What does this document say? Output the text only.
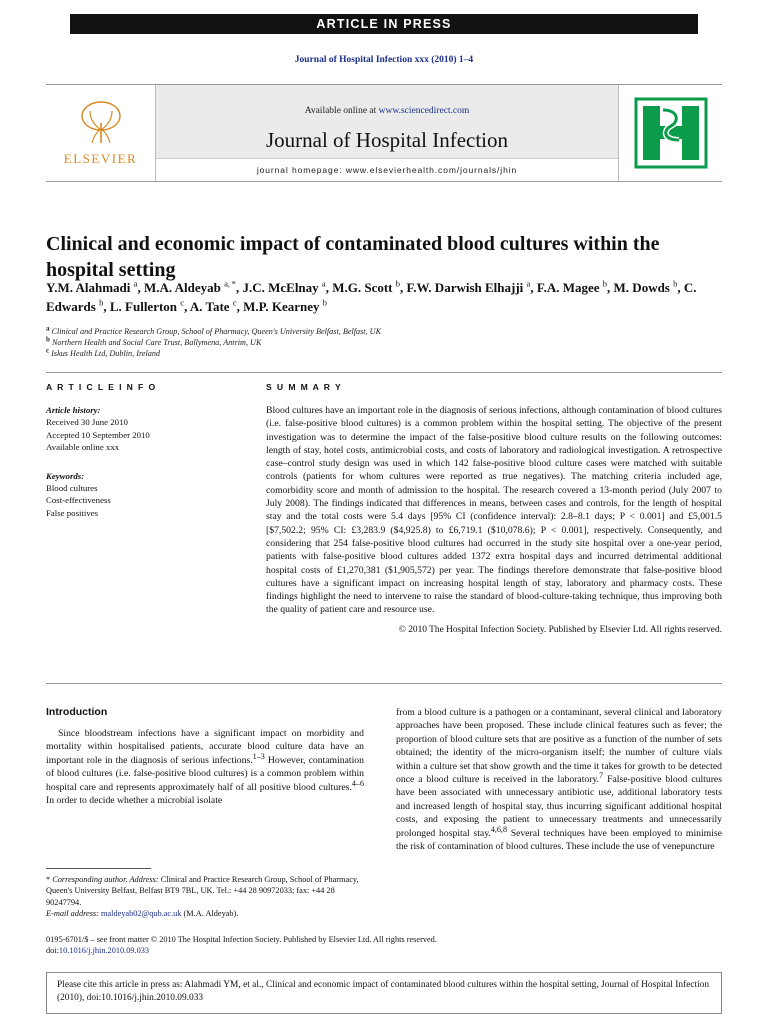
ARTICLE IN PRESS
Journal of Hospital Infection xxx (2010) 1–4
ELSEVIER
Available online at www.sciencedirect.com
Journal of Hospital Infection
journal homepage: www.elsevierhealth.com/journals/jhin
Clinical and economic impact of contaminated blood cultures within the hospital setting
Y.M. Alahmadi $^a$, M.A. Aldeyab $^{a, *}$, J.C. McElnay $^a$, M.G. Scott $^b$, F.W. Darwish Elhajji $^a$, F.A. Magee $^b$, M. Dowds $^b$, C. Edwards $^b$, L. Fullerton $^c$, A. Tate $^c$, M.P. Kearney $^b$
$^a$ Clinical and Practice Research Group, School of Pharmacy, Queen's University Belfast, Belfast, UK
$^b$ Northern Health and Social Care Trust, Ballymena, Antrim, UK
$^c$ Iskus Health Ltd, Dublin, Ireland
A R T I C L E I N F O
Article history:
Received 30 June 2010
Accepted 10 September 2010
Available online xxx
Keywords:
Blood cultures
Cost-effectiveness
False positives
S U M M A R Y
Blood cultures have an important role in the diagnosis of serious infections, although contamination of blood cultures (i.e. false-positive blood cultures) is a common problem within the hospital setting. The objective of the present investigation was to determine the impact of the false-positive blood culture results on the following outcomes: length of stay, hotel costs, antimicrobial costs, and costs of laboratory and radiological investigation. A retrospective case–control study design was used in which 142 false-positive blood culture cases were matched with suitable controls (patients for whom cultures were reported as true negatives). The matching criteria included age, comorbidity score and month of admission to the hospital. The research covered a 13-month period (July 2007 to July 2008). The findings indicated that differences in means, between cases and controls, for the length of hospital stay and the total costs were 5.4 days [95% CI (confidence interval): 2.8–8.1 days; P < 0.001] and £5,001.5 [$7,502.2; 95% CI: £3,283.9 ($4,925.8) to £6,719.1 ($10,078.6); P < 0.001], respectively. Consequently, and considering that 254 false-positive blood cultures had occurred in the study site hospital over a one-year period, patients with false-positive blood cultures added 1372 extra hospital days and incurred detrimental additional hospital costs of £1,270,381 ($1,905,572) per year. The findings therefore demonstrate that false-positive blood cultures have a significant impact on increasing hospital length of stay, laboratory and pharmacy costs. These findings highlight the need to intervene to raise the standard of blood-culture-taking technique, thus improving both the quality of patient care and resource use.
© 2010 The Hospital Infection Society. Published by Elsevier Ltd. All rights reserved.
Introduction
Since bloodstream infections have a significant impact on morbidity and mortality within hospitalised patients, accurate blood culture data have an important role in the diagnosis of serious infections.$^{1-3}$ However, contamination of blood cultures (i.e. false-positive blood cultures) is a common problem within hospital care and represents approximately half of all positive blood cultures.$^{4-6}$ In order to decide whether a microbial isolate
from a blood culture is a pathogen or a contaminant, several clinical and laboratory approaches have been proposed. These include clinical features such as fever; the proportion of blood culture sets that are positive as a function of the number of sets obtained; the identity of the micro-organism itself; the number of culture vials within a culture set that show growth and the time it takes for growth to be detected once a blood culture is received in the laboratory.$^7$ False-positive blood cultures have been associated with unnecessary antibiotic use, additional laboratory tests and increased length of hospital stay, thus incurring significant additional hospital costs, and exposing the patient to unnecessary treatments and unnecessarily prolonged hospital stay.$^{4,6,8}$ Several techniques have been employed to minimise the risk of contamination of blood cultures. These include the use of venepuncture
* Corresponding author. Address: Clinical and Practice Research Group, School of Pharmacy, Queen's University Belfast, Belfast BT9 7BL, UK. Tel.: +44 28 90972033; fax: +44 28 90247794.
E-mail address: maldeyab02@qub.ac.uk (M.A. Aldeyab).
0195-6701/$ – see front matter © 2010 The Hospital Infection Society. Published by Elsevier Ltd. All rights reserved.
doi:10.1016/j.jhin.2010.09.033
Please cite this article in press as: Alahmadi YM, et al., Clinical and economic impact of contaminated blood cultures within the hospital setting, Journal of Hospital Infection (2010), doi:10.1016/j.jhin.2010.09.033
